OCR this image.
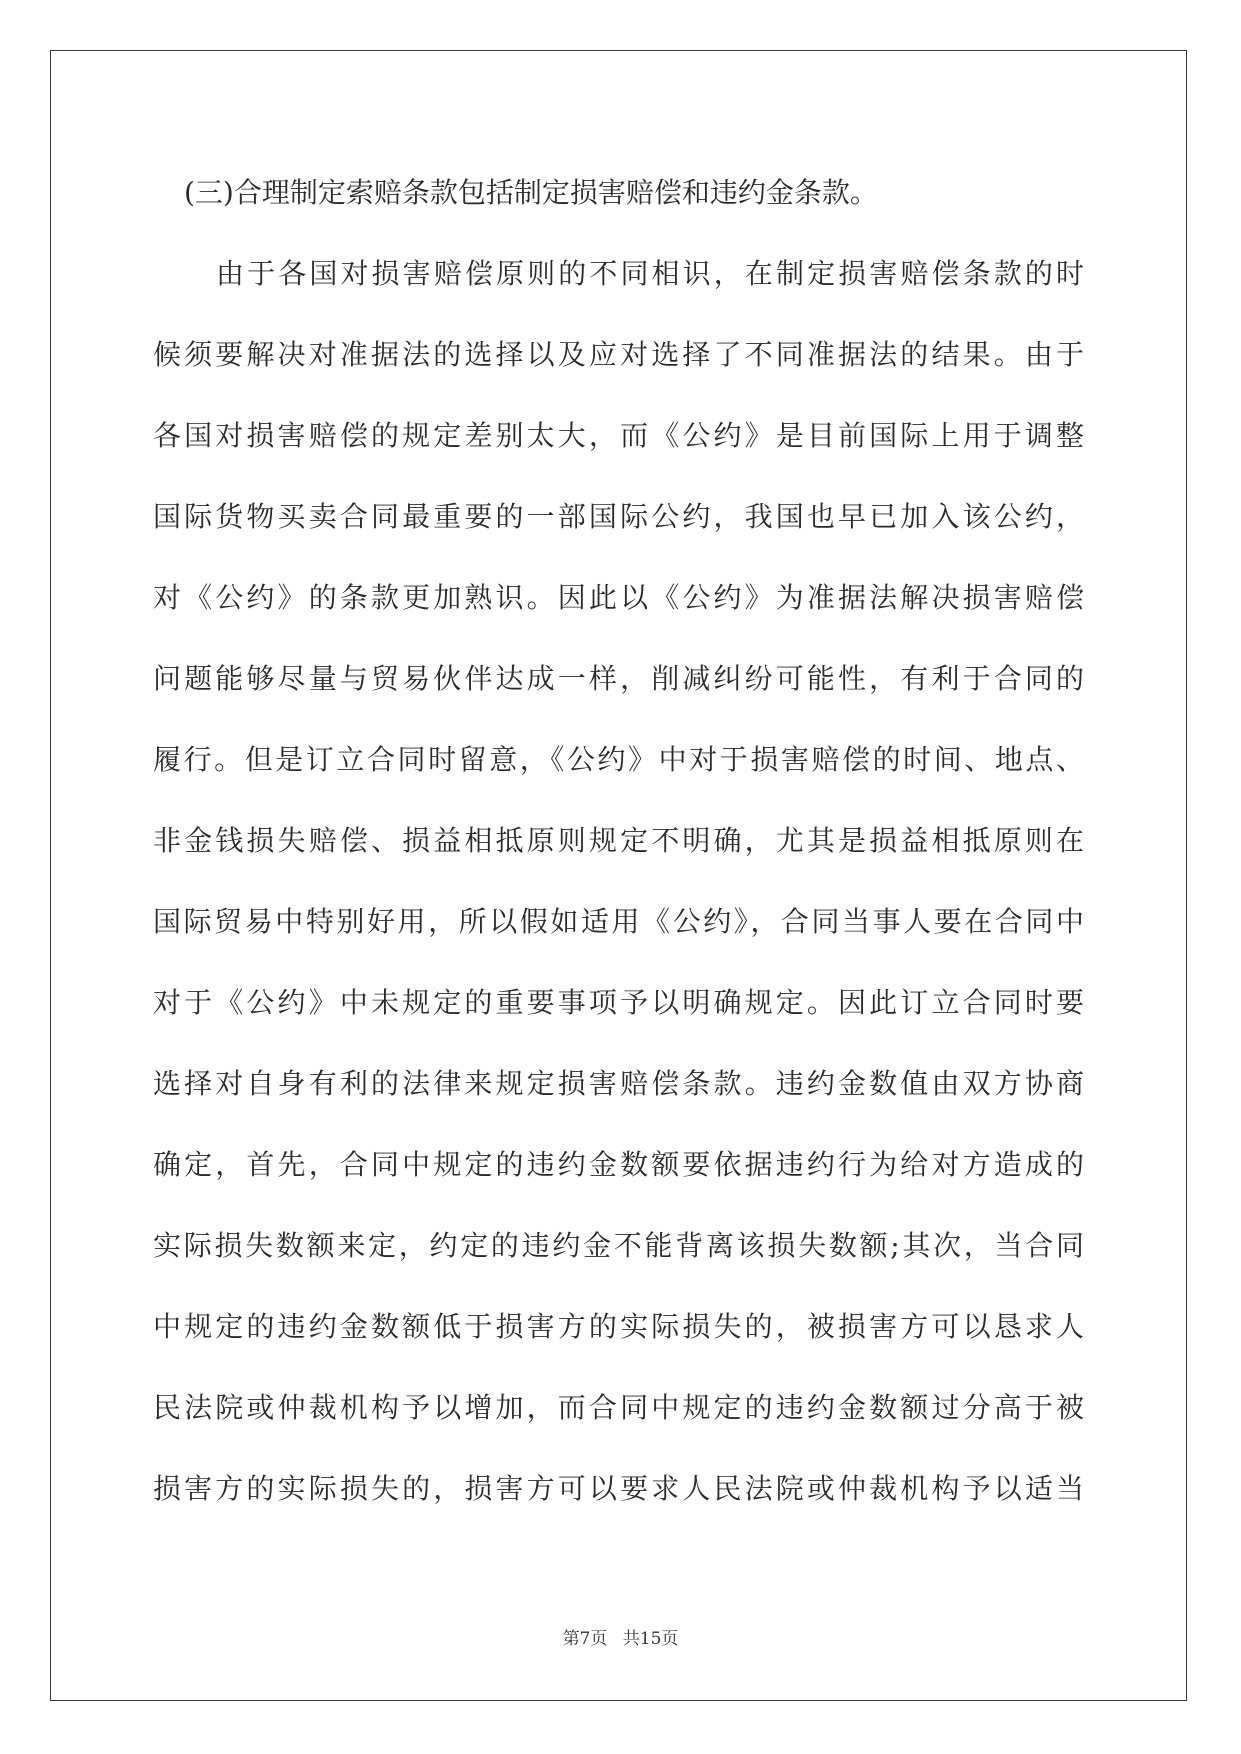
(三)合理制定索赔条款包括制定损害赔偿和违约金条款。
由于各国对损害赔偿原则的不同相识，在制定损害赔偿条款的时
候须要解决对准据法的选择以及应对选择了不同准据法的结果。由于
各国对损害赔偿的规定差别太大，而《公约》是目前国际上用于调整
国际货物买卖合同最重要的一部国际公约，我国也早已加入该公约，
对《公约》的条款更加熟识。因此以《公约》为准据法解决损害赔偿
问题能够尽量与贸易伙伴达成一样，削减纠纷可能性，有利于合同的
履行。但是订立合同时留意，《公约》中对于损害赔偿的时间、地点、
非金钱损失赔偿、损益相抵原则规定不明确，尤其是损益相抵原则在
国际贸易中特别好用，所以假如适用《公约》，合同当事人要在合同中
对于《公约》中未规定的重要事项予以明确规定。因此订立合同时要
选择对自身有利的法律来规定损害赔偿条款。违约金数值由双方协商
确定，首先，合同中规定的违约金数额要依据违约行为给对方造成的
实际损失数额来定，约定的违约金不能背离该损失数额;其次，当合同
中规定的违约金数额低于损害方的实际损失的，被损害方可以恳求人
民法院或仲裁机构予以增加，而合同中规定的违约金数额过分高于被
损害方的实际损失的，损害方可以要求人民法院或仲裁机构予以适当
第7页 共15页
